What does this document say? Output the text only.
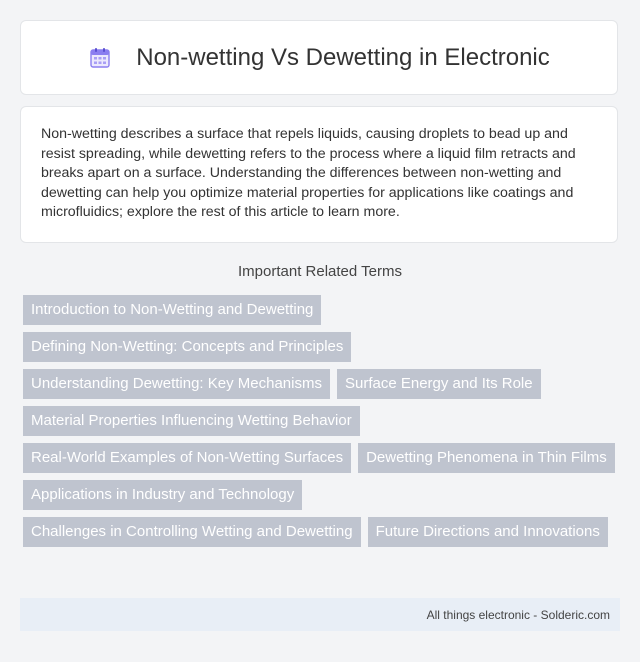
Non-wetting Vs Dewetting in Electronic

Non-wetting describes a surface that repels liquids, causing droplets to bead up and resist spreading, while dewetting refers to the process where a liquid film retracts and breaks apart on a surface. Understanding the differences between non-wetting and dewetting can help you optimize material properties for applications like coatings and microfluidics; explore the rest of this article to learn more.

Important Related Terms
Introduction to Non-Wetting and Dewetting
Defining Non-Wetting: Concepts and Principles
Understanding Dewetting: Key Mechanisms	Surface Energy and Its Role
Material Properties Influencing Wetting Behavior
Real-World Examples of Non-Wetting Surfaces	Dewetting Phenomena in Thin Films
Applications in Industry and Technology
Challenges in Controlling Wetting and Dewetting	Future Directions and Innovations
All things electronic - Solderic.com
